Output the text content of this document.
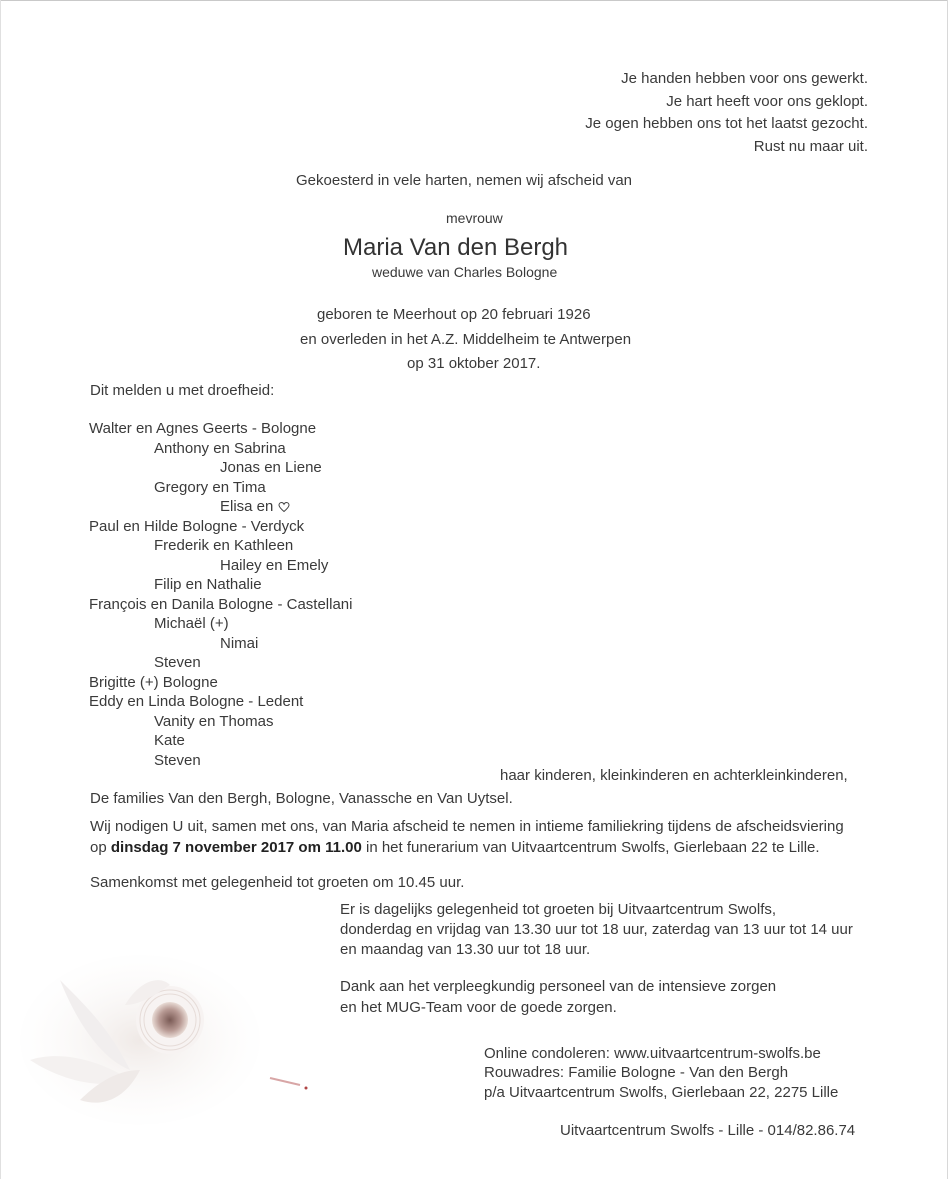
Je handen hebben voor ons gewerkt.
Je hart heeft voor ons geklopt.
Je ogen hebben ons tot het laatst gezocht.
Rust nu maar uit.
Gekoesterd in vele harten, nemen wij afscheid van
mevrouw
Maria Van den Bergh
weduwe van Charles Bologne
geboren te Meerhout op 20 februari 1926
en overleden in het A.Z. Middelheim te Antwerpen
op 31 oktober 2017.
Dit melden u met droefheid:
Walter en Agnes Geerts - Bologne
Anthony en Sabrina
Jonas en Liene
Gregory en Tima
Elisa en
Paul en Hilde Bologne - Verdyck
Frederik en Kathleen
Hailey en Emely
Filip en Nathalie
François en Danila Bologne - Castellani
Michaël (+)
Nimai
Steven
Brigitte (+) Bologne
Eddy en Linda Bologne - Ledent
Vanity en Thomas
Kate
Steven
haar kinderen, kleinkinderen en achterkleinkinderen,
De families Van den Bergh, Bologne, Vanassche en Van Uytsel.
Wij nodigen U uit, samen met ons, van Maria afscheid te nemen in intieme familiekring tijdens de afscheidsviering
op dinsdag 7 november 2017 om 11.00 in het funerarium van Uitvaartcentrum Swolfs, Gierlebaan 22 te Lille.
Samenkomst met gelegenheid tot groeten om 10.45 uur.
Er is dagelijks gelegenheid tot groeten bij Uitvaartcentrum Swolfs,
donderdag en vrijdag van 13.30 uur tot 18 uur, zaterdag van 13 uur tot 14 uur
en maandag van 13.30 uur tot 18 uur.
Dank aan het verpleegkundig personeel van de intensieve zorgen
en het MUG-Team voor de goede zorgen.
Online condoleren: www.uitvaartcentrum-swolfs.be
Rouwadres: Familie Bologne - Van den Bergh
p/a Uitvaartcentrum Swolfs, Gierlebaan 22, 2275 Lille
Uitvaartcentrum Swolfs - Lille - 014/82.86.74
